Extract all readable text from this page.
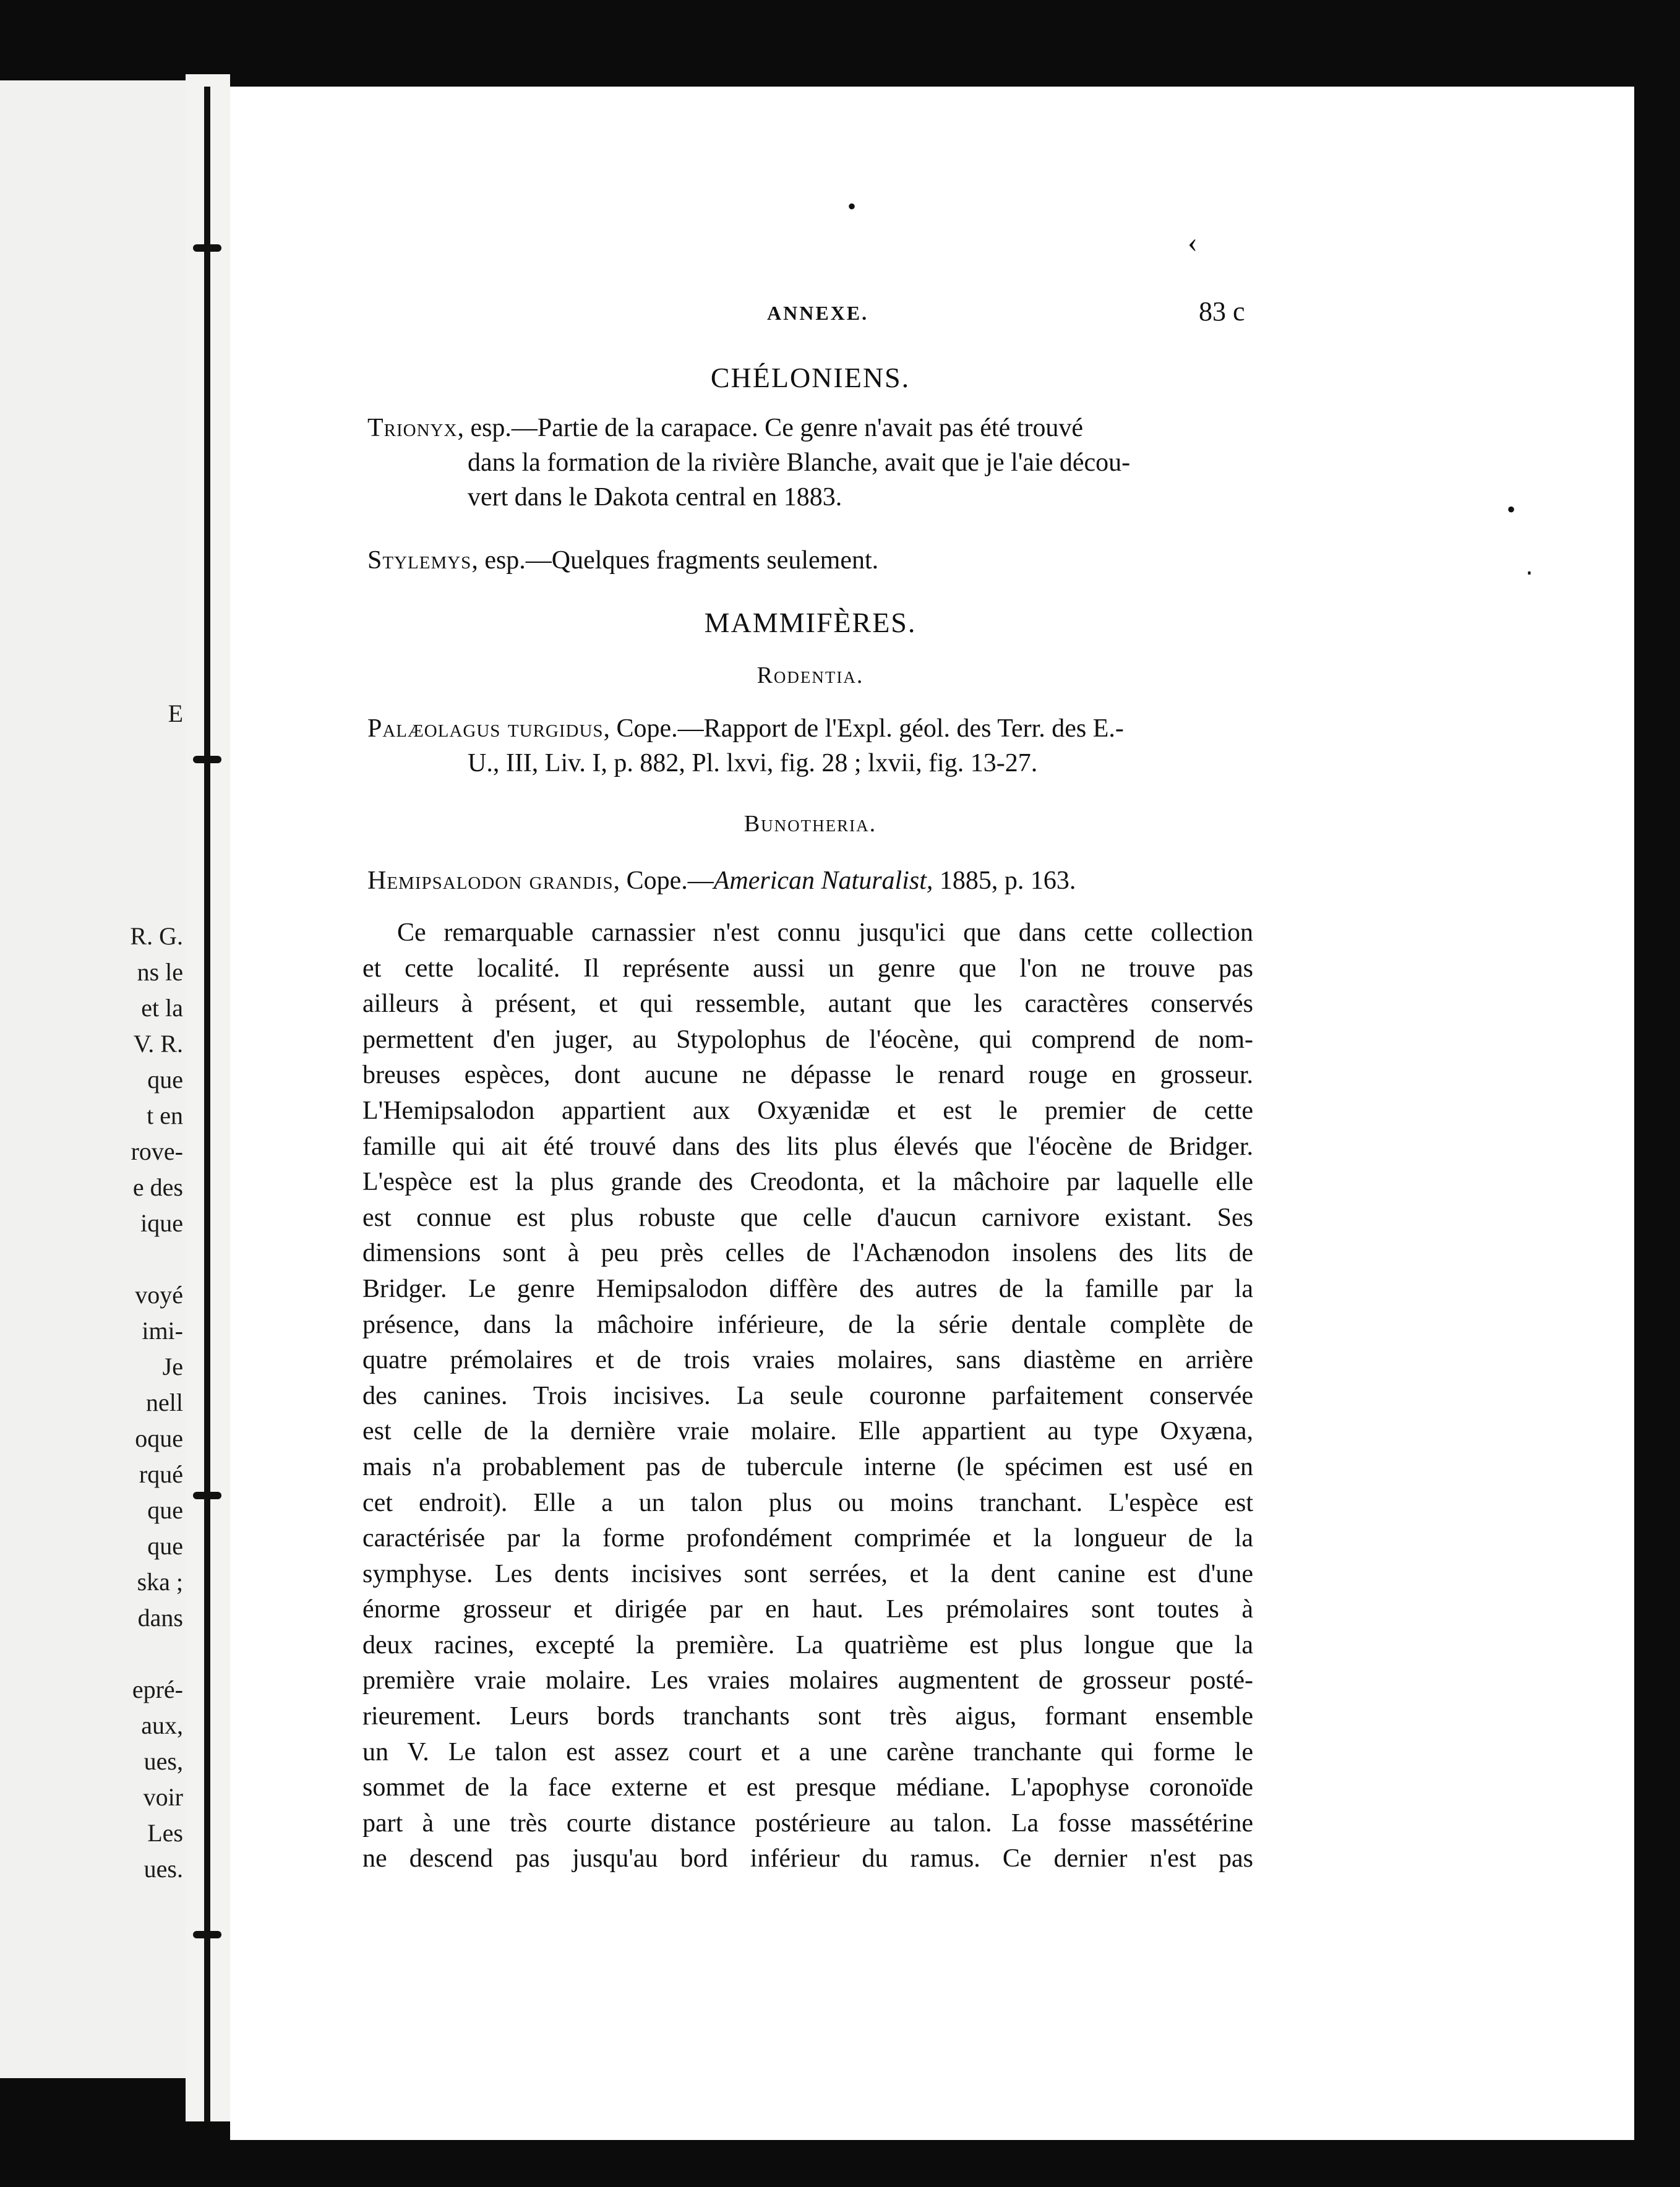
E
R. G.
ns le
et la
V. R.
que
t en
rove-
e des
ique
voyé
imi-
Je
nell
oque
rqué
que
que
ska ;
dans
epré-
aux,
ues,
voir
Les
ues.
•
‹
•
‧
ANNEXE.	83 c
CHÉLONIENS.
Trionyx, esp.—Partie de la carapace. Ce genre n'avait pas été trouvé
dans la formation de la rivière Blanche, avait que je l'aie décou-
vert dans le Dakota central en 1883.
Stylemys, esp.—Quelques fragments seulement.
MAMMIFÈRES.
Rodentia.
Palæolagus turgidus, Cope.—Rapport de l'Expl. géol. des Terr. des E.-
U., III, Liv. I, p. 882, Pl. lxvi, fig. 28 ; lxvii, fig. 13-27.
Bunotheria.
Hemipsalodon grandis, Cope.—American Naturalist, 1885, p. 163.
Ce remarquable carnassier n'est connu jusqu'ici que dans cette collection
et cette localité. Il représente aussi un genre que l'on ne trouve pas
ailleurs à présent, et qui ressemble, autant que les caractères conservés
permettent d'en juger, au Stypolophus de l'éocène, qui comprend de nom-
breuses espèces, dont aucune ne dépasse le renard rouge en grosseur.
L'Hemipsalodon appartient aux Oxyænidæ et est le premier de cette
famille qui ait été trouvé dans des lits plus élevés que l'éocène de Bridger.
L'espèce est la plus grande des Creodonta, et la mâchoire par laquelle elle
est connue est plus robuste que celle d'aucun carnivore existant. Ses
dimensions sont à peu près celles de l'Achænodon insolens des lits de
Bridger. Le genre Hemipsalodon diffère des autres de la famille par la
présence, dans la mâchoire inférieure, de la série dentale complète de
quatre prémolaires et de trois vraies molaires, sans diastème en arrière
des canines. Trois incisives. La seule couronne parfaitement conservée
est celle de la dernière vraie molaire. Elle appartient au type Oxyæna,
mais n'a probablement pas de tubercule interne (le spécimen est usé en
cet endroit). Elle a un talon plus ou moins tranchant. L'espèce est
caractérisée par la forme profondément comprimée et la longueur de la
symphyse. Les dents incisives sont serrées, et la dent canine est d'une
énorme grosseur et dirigée par en haut. Les prémolaires sont toutes à
deux racines, excepté la première. La quatrième est plus longue que la
première vraie molaire. Les vraies molaires augmentent de grosseur posté-
rieurement. Leurs bords tranchants sont très aigus, formant ensemble
un V. Le talon est assez court et a une carène tranchante qui forme le
sommet de la face externe et est presque médiane. L'apophyse coronoïde
part à une très courte distance postérieure au talon. La fosse massétérine
ne descend pas jusqu'au bord inférieur du ramus. Ce dernier n'est pas
